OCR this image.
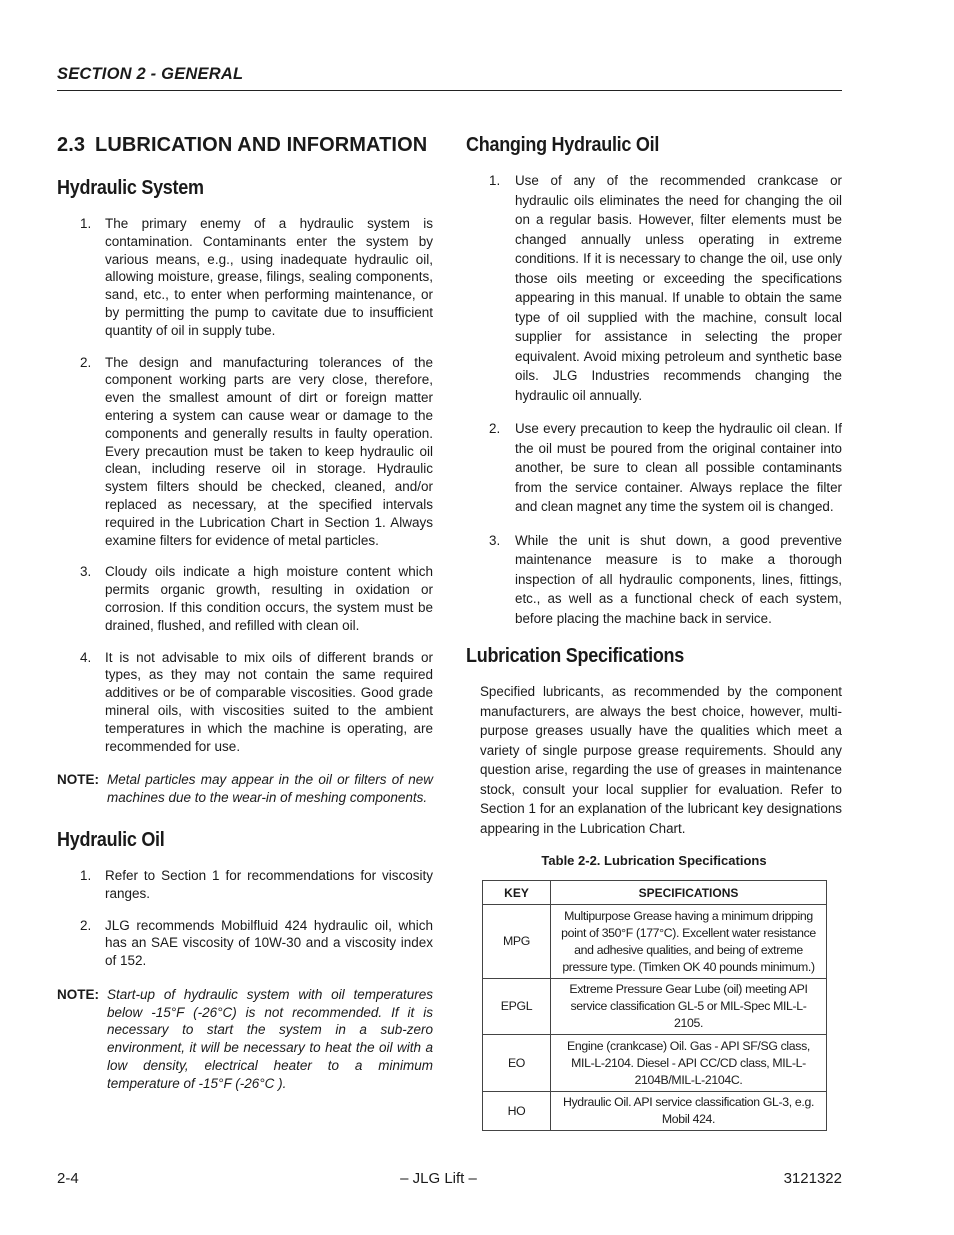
SECTION 2 - GENERAL
2.3 LUBRICATION AND INFORMATION
Hydraulic System
1. The primary enemy of a hydraulic system is contamination. Contaminants enter the system by various means, e.g., using inadequate hydraulic oil, allowing moisture, grease, filings, sealing components, sand, etc., to enter when performing maintenance, or by permitting the pump to cavitate due to insufficient quantity of oil in supply tube.
2. The design and manufacturing tolerances of the component working parts are very close, therefore, even the smallest amount of dirt or foreign matter entering a system can cause wear or damage to the components and generally results in faulty operation. Every precaution must be taken to keep hydraulic oil clean, including reserve oil in storage. Hydraulic system filters should be checked, cleaned, and/or replaced as necessary, at the specified intervals required in the Lubrication Chart in Section 1. Always examine filters for evidence of metal particles.
3. Cloudy oils indicate a high moisture content which permits organic growth, resulting in oxidation or corrosion. If this condition occurs, the system must be drained, flushed, and refilled with clean oil.
4. It is not advisable to mix oils of different brands or types, as they may not contain the same required additives or be of comparable viscosities. Good grade mineral oils, with viscosities suited to the ambient temperatures in which the machine is operating, are recommended for use.
NOTE: Metal particles may appear in the oil or filters of new machines due to the wear-in of meshing components.
Hydraulic Oil
1. Refer to Section 1 for recommendations for viscosity ranges.
2. JLG recommends Mobilfluid 424 hydraulic oil, which has an SAE viscosity of 10W-30 and a viscosity index of 152.
NOTE: Start-up of hydraulic system with oil temperatures below -15°F (-26°C) is not recommended. If it is necessary to start the system in a sub-zero environment, it will be necessary to heat the oil with a low density, electrical heater to a minimum temperature of -15°F (-26°C ).
Changing Hydraulic Oil
1. Use of any of the recommended crankcase or hydraulic oils eliminates the need for changing the oil on a regular basis. However, filter elements must be changed annually unless operating in extreme conditions. If it is necessary to change the oil, use only those oils meeting or exceeding the specifications appearing in this manual. If unable to obtain the same type of oil supplied with the machine, consult local supplier for assistance in selecting the proper equivalent. Avoid mixing petroleum and synthetic base oils. JLG Industries recommends changing the hydraulic oil annually.
2. Use every precaution to keep the hydraulic oil clean. If the oil must be poured from the original container into another, be sure to clean all possible contaminants from the service container. Always replace the filter and clean magnet any time the system oil is changed.
3. While the unit is shut down, a good preventive maintenance measure is to make a thorough inspection of all hydraulic components, lines, fittings, etc., as well as a functional check of each system, before placing the machine back in service.
Lubrication Specifications

Specified lubricants, as recommended by the component manufacturers, are always the best choice, however, multi-purpose greases usually have the qualities which meet a variety of single purpose grease requirements. Should any question arise, regarding the use of greases in maintenance stock, consult your local supplier for evaluation. Refer to Section 1 for an explanation of the lubricant key designations appearing in the Lubrication Chart.

Table 2-2. Lubrication Specifications
KEY	SPECIFICATIONS
MPG	Multipurpose Grease having a minimum dripping point of 350°F (177°C). Excellent water resistance and adhesive qualities, and being of extreme pressure type. (Timken OK 40 pounds minimum.)
EPGL	Extreme Pressure Gear Lube (oil) meeting API service classification GL-5 or MIL-Spec MIL-L-2105.
EO	Engine (crankcase) Oil. Gas - API SF/SG class, MIL-L-2104. Diesel - API CC/CD class, MIL-L-2104B/MIL-L-2104C.
HO	Hydraulic Oil. API service classification GL-3, e.g. Mobil 424.
2-4	– JLG Lift –	3121322
